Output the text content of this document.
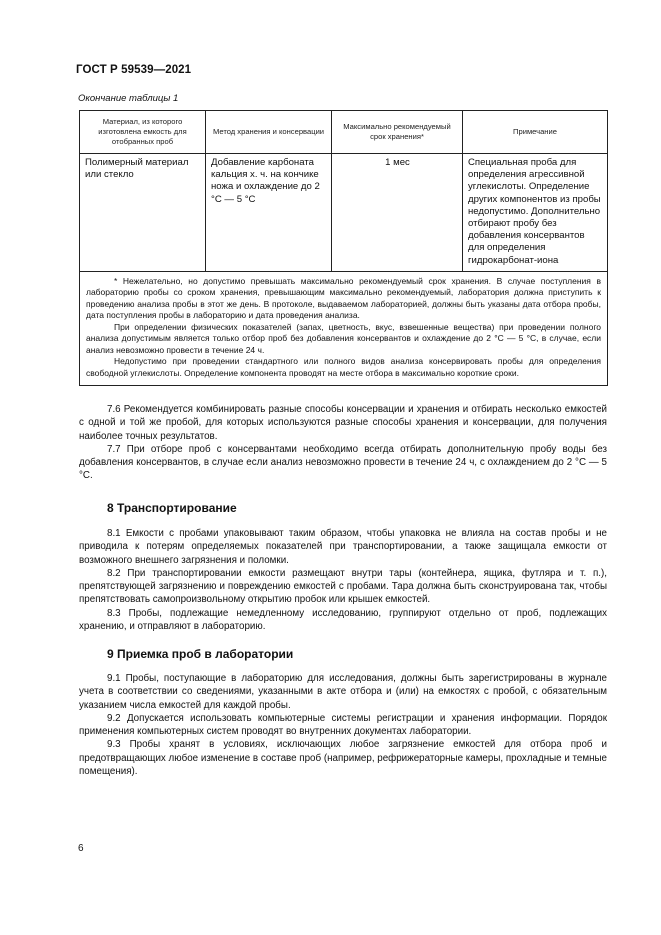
ГОСТ Р 59539—2021
Окончание таблицы 1
Материал, из которого изготовлена емкость для отобранных проб	Метод хранения и консервации	Максимально рекомендуемый срок хранения*	Примечание
Полимерный материал или стекло	Добавление карбоната кальция х. ч. на кончике ножа и охлаждение до 2 °С — 5 °С	1 мес	Специальная проба для определения агрессивной углекислоты. Определение других компонентов из пробы недопустимо. Дополнительно отбирают пробу без добавления консервантов для определения гидрокарбонат-иона

* Нежелательно, но допустимо превышать максимально рекомендуемый срок хранения. В случае поступления в лабораторию пробы со сроком хранения, превышающим максимально рекомендуемый, лаборатория должна приступить к проведению анализа пробы в этот же день. В протоколе, выдаваемом лабораторией, должны быть указаны дата отбора пробы, дата поступления пробы в лабораторию и дата проведения анализа.

При определении физических показателей (запах, цветность, вкус, взвешенные вещества) при проведении полного анализа допустимым является только отбор проб без добавления консервантов и охлаждение до 2 °С — 5 °С, в случае, если анализ невозможно провести в течение 24 ч.

Недопустимо при проведении стандартного или полного видов анализа консервировать пробы для определения свободной углекислоты. Определение компонента проводят на месте отбора в максимально короткие сроки.			

7.6 Рекомендуется комбинировать разные способы консервации и хранения и отбирать несколько емкостей с одной и той же пробой, для которых используются разные способы хранения и консервации, для получения наиболее точных результатов.

7.7 При отборе проб с консервантами необходимо всегда отбирать дополнительную пробу воды без добавления консервантов, в случае если анализ невозможно провести в течение 24 ч, с охлаждением до 2 °С — 5 °С.

8 Транспортирование

8.1 Емкости с пробами упаковывают таким образом, чтобы упаковка не влияла на состав пробы и не приводила к потерям определяемых показателей при транспортировании, а также защищала емкости от возможного внешнего загрязнения и поломки.

8.2 При транспортировании емкости размещают внутри тары (контейнера, ящика, футляра и т. п.), препятствующей загрязнению и повреждению емкостей с пробами. Тара должна быть сконструирована так, чтобы препятствовать самопроизвольному открытию пробок или крышек емкостей.

8.3 Пробы, подлежащие немедленному исследованию, группируют отдельно от проб, подлежащих хранению, и отправляют в лабораторию.

9 Приемка проб в лаборатории

9.1 Пробы, поступающие в лабораторию для исследования, должны быть зарегистрированы в журнале учета в соответствии со сведениями, указанными в акте отбора и (или) на емкостях с пробой, с обязательным указанием числа емкостей для каждой пробы.

9.2 Допускается использовать компьютерные системы регистрации и хранения информации. Порядок применения компьютерных систем проводят во внутренних документах лаборатории.

9.3 Пробы хранят в условиях, исключающих любое загрязнение емкостей для отбора проб и предотвращающих любое изменение в составе проб (например, рефрижераторные камеры, прохладные и темные помещения).

6
